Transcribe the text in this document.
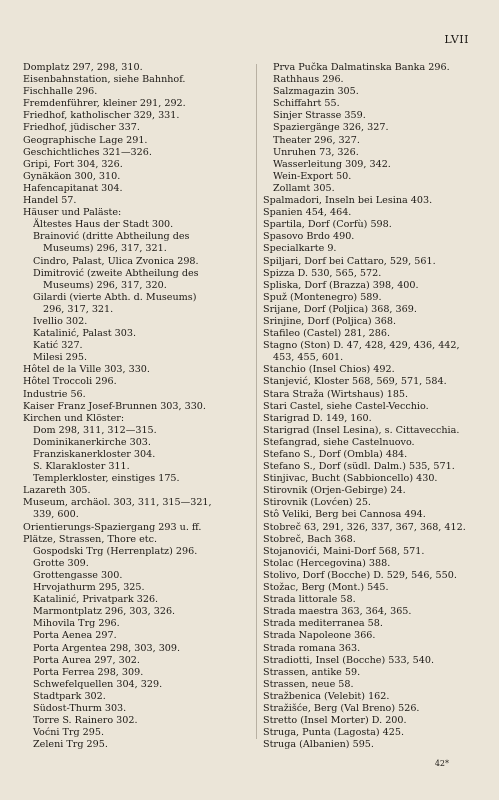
LVII
Domplatz 297, 298, 310.
Eisenbahnstation, siehe Bahnhof.
Fischhalle 296.
Fremdenführer, kleiner 291, 292.
Friedhof, katholischer 329, 331.
Friedhof, jüdischer 337.
Geographische Lage 291.
Geschichtliches 321—326.
Gripi, Fort 304, 326.
Gynäkäon 300, 310.
Hafencapitanat 304.
Handel 57.
Häuser und Paläste:
Ältestes Haus der Stadt 300.
Brainović (dritte Abtheilung des
Museums) 296, 317, 321.
Cindro, Palast, Ulica Zvonica 298.
Dimitrović (zweite Abtheilung des
Museums) 296, 317, 320.
Gilardi (vierte Abth. d. Museums)
296, 317, 321.
Ivellio 302.
Katalinić, Palast 303.
Katić 327.
Milesi 295.
Hôtel de la Ville 303, 330.
Hôtel Troccoli 296.
Industrie 56.
Kaiser Franz Josef-Brunnen 303, 330.
Kirchen und Klöster:
Dom 298, 311, 312—315.
Dominikanerkirche 303.
Franziskanerkloster 304.
S. Klarakloster 311.
Templerkloster, einstiges 175.
Lazareth 305.
Museum, archäol. 303, 311, 315—321,
339, 600.
Orientierungs-Spaziergang 293 u. ff.
Plätze, Strassen, Thore etc.
Gospodski Trg (Herrenplatz) 296.
Grotte 309.
Grottengasse 300.
Hrvojathurm 295, 325.
Katalinić, Privatpark 326.
Marmontplatz 296, 303, 326.
Mihovila Trg 296.
Porta Aenea 297.
Porta Argentea 298, 303, 309.
Porta Aurea 297, 302.
Porta Ferrea 298, 309.
Schwefelquellen 304, 329.
Stadtpark 302.
Südost-Thurm 303.
Torre S. Rainero 302.
Voćni Trg 295.
Zeleni Trg 295.
Prva Pučka Dalmatinska Banka 296.
Rathhaus 296.
Salzmagazin 305.
Schiffahrt 55.
Sinjer Strasse 359.
Spaziergänge 326, 327.
Theater 296, 327.
Unruhen 73, 326.
Wasserleitung 309, 342.
Wein-Export 50.
Zollamt 305.
Spalmadori, Inseln bei Lesina 403.
Spanien 454, 464.
Spartila, Dorf (Corfù) 598.
Spasovo Brdo 490.
Specialkarte 9.
Spiljari, Dorf bei Cattaro, 529, 561.
Spizza D. 530, 565, 572.
Spliska, Dorf (Brazza) 398, 400.
Spuž (Montenegro) 589.
Srijane, Dorf (Poljica) 368, 369.
Srinjine, Dorf (Poljica) 368.
Stafileo (Castel) 281, 286.
Stagno (Ston) D. 47, 428, 429, 436, 442,
453, 455, 601.
Stanchio (Insel Chios) 492.
Stanjević, Kloster 568, 569, 571, 584.
Stara Straža (Wirtshaus) 185.
Stari Castel, siehe Castel-Vecchio.
Starigrad D. 149, 160.
Starigrad (Insel Lesina), s. Cittavecchia.
Stefangrad, siehe Castelnuovo.
Stefano S., Dorf (Ombla) 484.
Stefano S., Dorf (südl. Dalm.) 535, 571.
Stinjivac, Bucht (Sabbioncello) 430.
Stirovnik (Orjen-Gebirge) 24.
Stirovnik (Lovćen) 25.
Stô Veliki, Berg bei Cannosa 494.
Stobreč 63, 291, 326, 337, 367, 368, 412.
Stobreč, Bach 368.
Stojanovići, Maini-Dorf 568, 571.
Stolac (Hercegovina) 388.
Stolivo, Dorf (Bocche) D. 529, 546, 550.
Stožac, Berg (Mont.) 545.
Strada littorale 58.
Strada maestra 363, 364, 365.
Strada mediterranea 58.
Strada Napoleone 366.
Strada romana 363.
Stradiotti, Insel (Bocche) 533, 540.
Strassen, antike 59.
Strassen, neue 58.
Stražbenica (Velebit) 162.
Stražišće, Berg (Val Breno) 526.
Stretto (Insel Morter) D. 200.
Struga, Punta (Lagosta) 425.
Struga (Albanien) 595.
42*
